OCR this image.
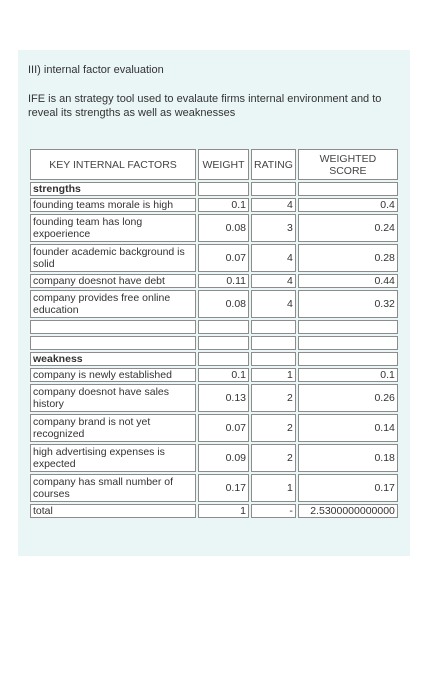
III) internal factor evaluation
IFE is an strategy tool used to evalaute firms internal environment and to reveal its strengths as well as weaknesses
KEY INTERNAL FACTORS	WEIGHT	RATING	WEIGHTED SCORE
strengths			
founding teams morale is high	0.1	4	0.4
founding team has long expoerience	0.08	3	0.24
founder academic background is solid	0.07	4	0.28
company doesnot have debt	0.11	4	0.44
company provides free online education	0.08	4	0.32

weakness			
company is newly established	0.1	1	0.1
company doesnot have sales history	0.13	2	0.26
company brand is not yet recognized	0.07	2	0.14
high advertising expenses is expected	0.09	2	0.18
company has small number of courses	0.17	1	0.17
total	1	-	2.5300000000000
